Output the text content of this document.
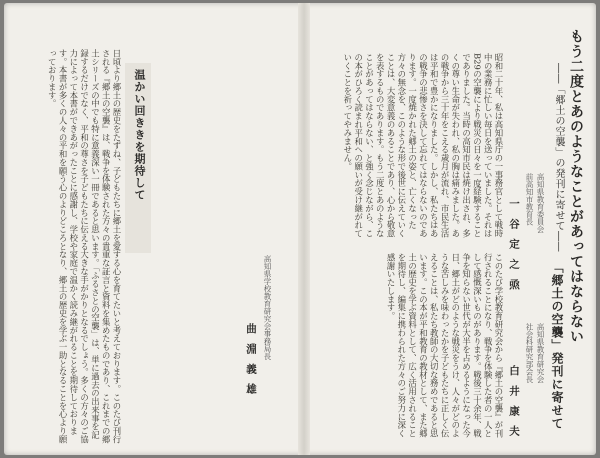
もう二度とあのようなことがあってはならない
――「郷土の空襲」の発刊に寄せて――
高知県教育委員会
前高知市教育長
一 谷 定 之 焏
昭和二十年、私は高知県庁の一事務官として戦時中の業務に忙しい毎日を送っていました。それはB29の空襲により戦災の日々を一度経験することでありました。当時の高知市民は焼け出され、多くの尊い生命が失われ、私の胸は痛みました。あの戦争から三十年をこえる歳月が流れ、市民生活は平和で豊かになりました。しかし、私たちはあの戦争の悲惨さを決して忘れてはならないのであります。一度焼かれた郷土の姿と、亡くなった方々の無念を、このような形で後世に伝えていくことは、大変意義のあることであり、心から敬意を表するものであります。もう二度とあのようなことがあってはならない、と強く念じながら、この本がひろく読まれ平和への願いが受け継がれていくことを祈ってやみません。
「郷土の空襲」発刊に寄せて
高知県教育研究会
社会科研究部会長
白 井 康 夫
このたび学校教育研究会から『郷土の空襲』が刊行されることになり、戦争を体験した者の一人として感慨深いものがあります。戦後三十余年、戦争を知らない世代が大半を占めるようになった今日、郷土がどのような戦災をうけ、人々がどのような苦しみを味わったかを子どもたちに正しく伝えることは、私たち教師の大切な務めであると思います。この本が平和教育の教材として、また郷土の歴史を学ぶ資料として、広く活用されることを期待し、編集に携わられた方々のご努力に深く感謝いたします。
温かい回ききを期待して
高知県学校教育研究会事務局長
曲 淵 義 雄
日頃より郷土の歴史をたずね、子どもたちに郷土を愛する心を育てたいと考えております。このたび刊行される『郷土の空襲』は、戦争を体験された方々の貴重な証言と資料を集めたものであり、これまでの郷土シリーズの中でも特に意義深い一冊であると思います。「ふるさとの空襲」は、単に過去の出来事を記録するだけでなく、平和の尊さを子どもたちに伝える大きな手がかりとなるでしょう。多くの方々のご協力によって本書ができあがったことに感謝し、学校や家庭で温かく読み継がれることを期待しております。本書が多くの人々の平和を願う心のよりどころとなり、郷土の歴史を学ぶ一助となることを心より願っております。
